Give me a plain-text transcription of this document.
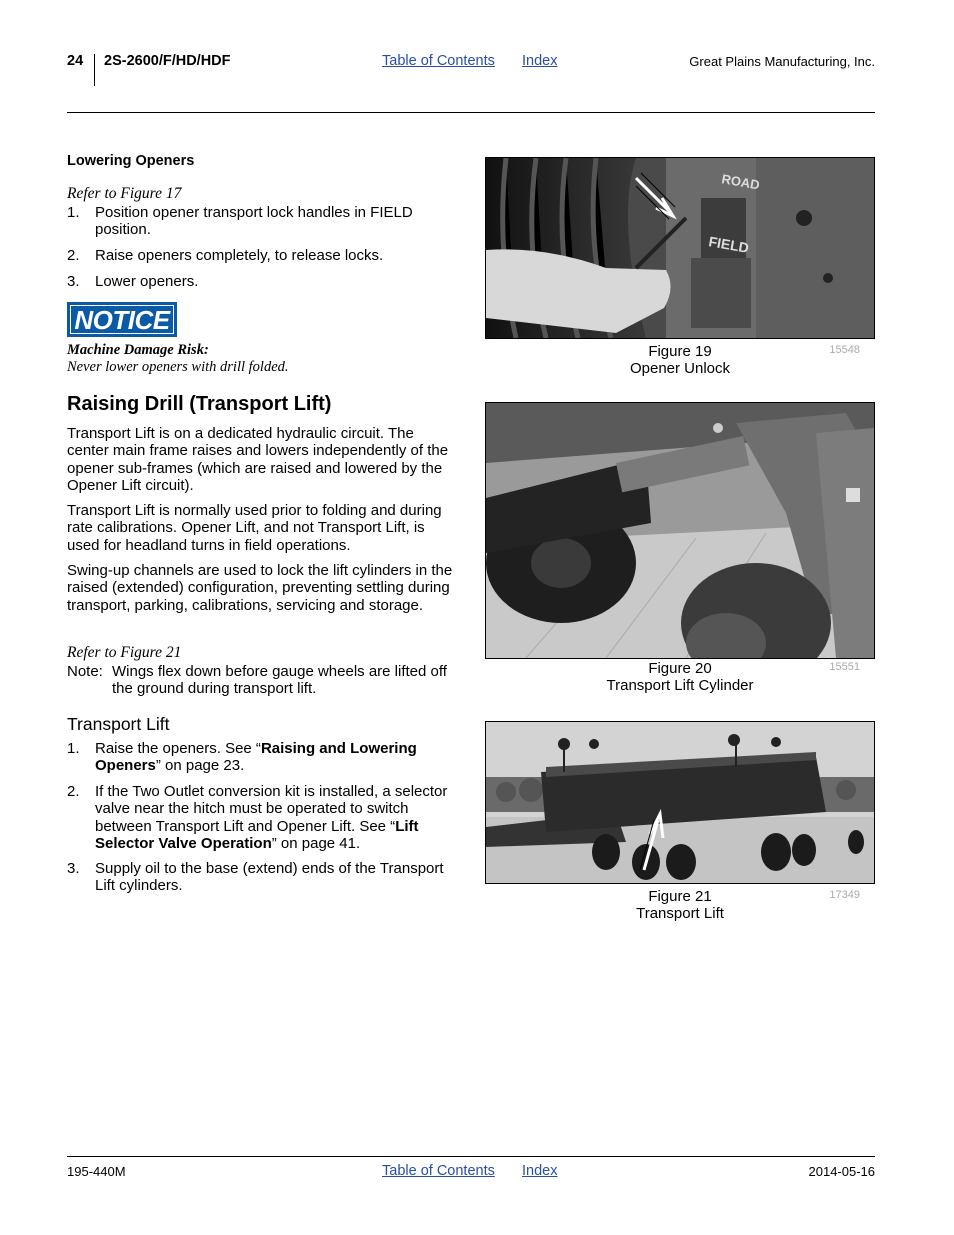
24 2S-2600/F/HD/HDF	Table of Contents Index	Great Plains Manufacturing, Inc.
Lowering Openers
Refer to Figure 17
1. Position opener transport lock handles in FIELD position.
2. Raise openers completely, to release locks.
3. Lower openers.
NOTICE
Machine Damage Risk:
Never lower openers with drill folded.
Raising Drill (Transport Lift)
Transport Lift is on a dedicated hydraulic circuit. The center main frame raises and lowers independently of the opener sub-frames (which are raised and lowered by the Opener Lift circuit).
Transport Lift is normally used prior to folding and during rate calibrations. Opener Lift, and not Transport Lift, is used for headland turns in field operations.
Swing-up channels are used to lock the lift cylinders in the raised (extended) configuration, preventing settling during transport, parking, calibrations, servicing and storage.
Refer to Figure 21
Note: Wings flex down before gauge wheels are lifted off the ground during transport lift.
Transport Lift
1. Raise the openers. See “Raising and Lowering Openers” on page 23.
2. If the Two Outlet conversion kit is installed, a selector valve near the hitch must be operated to switch between Transport Lift and Opener Lift. See “Lift Selector Valve Operation” on page 41.
3. Supply oil to the base (extend) ends of the Transport Lift cylinders.
ROAD
FIELD
Figure 19
Opener Unlock
15548
Figure 20
Transport Lift Cylinder
15551
Figure 21
Transport Lift
17349
195-440M	Table of Contents Index	2014-05-16
